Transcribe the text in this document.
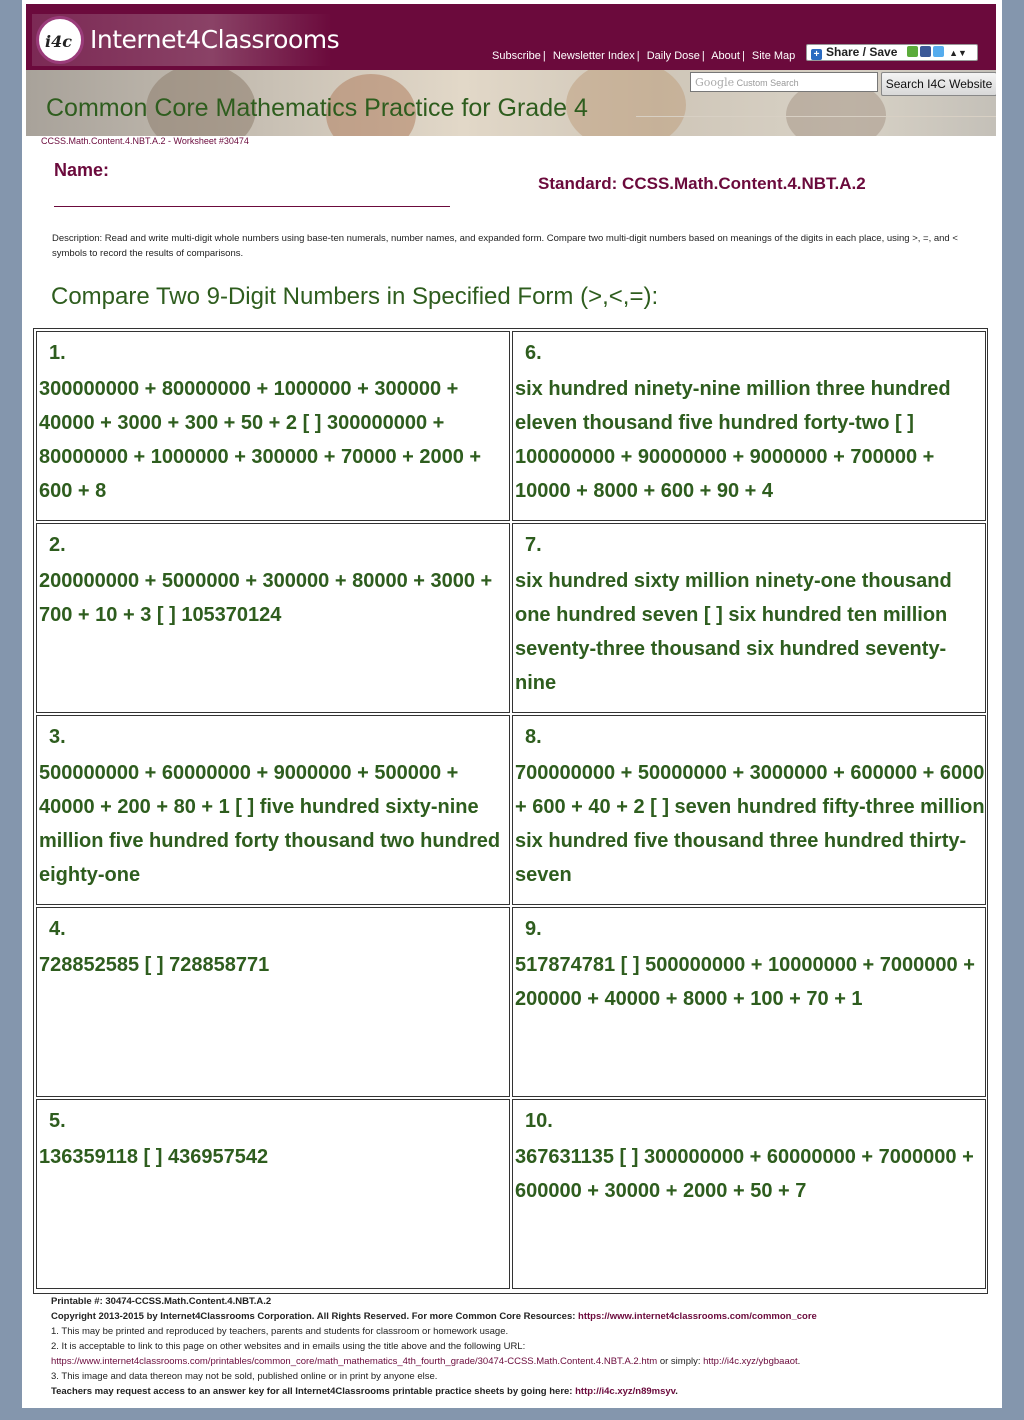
i4c Internet4Classrooms
Subscribe | Newsletter Index | Daily Dose | About | Site Map	+ Share / Save	▲▼
Google Custom Search	Search I4C Website
Common Core Mathematics Practice for Grade 4
CCSS.Math.Content.4.NBT.A.2 - Worksheet #30474
Name:
Standard: CCSS.Math.Content.4.NBT.A.2
Description: Read and write multi-digit whole numbers using base-ten numerals, number names, and expanded form. Compare two multi-digit numbers based on meanings of the digits in each place, using >, =, and < symbols to record the results of comparisons.
Compare Two 9-Digit Numbers in Specified Form (>,<,=):
1.
300000000 + 80000000 + 1000000 + 300000 + 40000 + 3000 + 300 + 50 + 2 [ ] 300000000 + 80000000 + 1000000 + 300000 + 70000 + 2000 + 600 + 8
6.
six hundred ninety-nine million three hundred eleven thousand five hundred forty-two [ ] 100000000 + 90000000 + 9000000 + 700000 + 10000 + 8000 + 600 + 90 + 4
2.
200000000 + 5000000 + 300000 + 80000 + 3000 + 700 + 10 + 3 [ ] 105370124
7.
six hundred sixty million ninety-one thousand one hundred seven [ ] six hundred ten million seventy-three thousand six hundred seventy-nine
3.
500000000 + 60000000 + 9000000 + 500000 + 40000 + 200 + 80 + 1 [ ] five hundred sixty-nine million five hundred forty thousand two hundred eighty-one
8.
700000000 + 50000000 + 3000000 + 600000 + 6000 + 600 + 40 + 2 [ ] seven hundred fifty-three million six hundred five thousand three hundred thirty-seven
4.
728852585 [ ] 728858771
9.
517874781 [ ] 500000000 + 10000000 + 7000000 + 200000 + 40000 + 8000 + 100 + 70 + 1
5.
136359118 [ ] 436957542
10.
367631135 [ ] 300000000 + 60000000 + 7000000 + 600000 + 30000 + 2000 + 50 + 7
Printable #: 30474-CCSS.Math.Content.4.NBT.A.2
Copyright 2013-2015 by Internet4Classrooms Corporation. All Rights Reserved. For more Common Core Resources: https://www.internet4classrooms.com/common_core
1. This may be printed and reproduced by teachers, parents and students for classroom or homework usage.
2. It is acceptable to link to this page on other websites and in emails using the title above and the following URL:
https://www.internet4classrooms.com/printables/common_core/math_mathematics_4th_fourth_grade/30474-CCSS.Math.Content.4.NBT.A.2.htm or simply: http://i4c.xyz/ybgbaaot.
3. This image and data thereon may not be sold, published online or in print by anyone else.
Teachers may request access to an answer key for all Internet4Classrooms printable practice sheets by going here: http://i4c.xyz/n89msyv.
